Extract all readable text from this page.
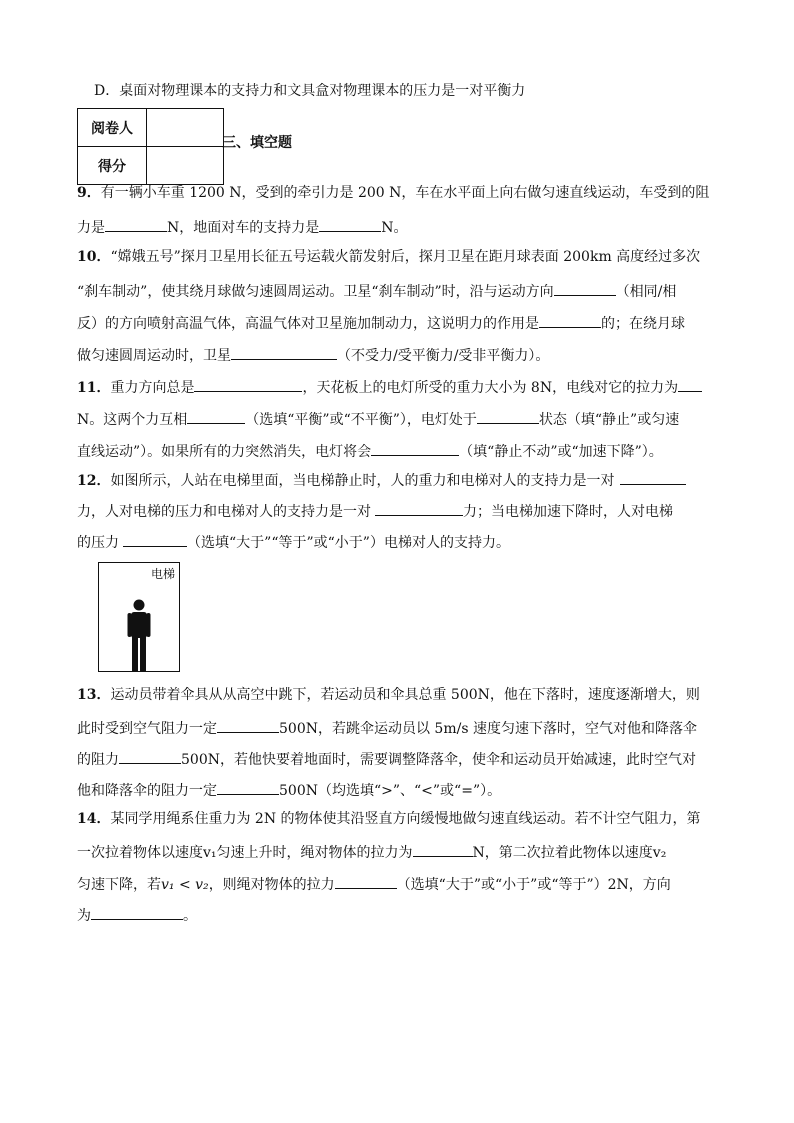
D．桌面对物理课本的支持力和文具盒对物理课本的压力是一对平衡力
阅卷人	
得分	
三、填空题
9．有一辆小车重 1200 N，受到的牵引力是 200 N，车在水平面上向右做匀速直线运动，车受到的阻
力是	N，地面对车的支持力是	N。
10．“嫦娥五号”探月卫星用长征五号运载火箭发射后，探月卫星在距月球表面 200km 高度经过多次
“刹车制动”，使其绕月球做匀速圆周运动。卫星“刹车制动”时，沿与运动方向	（相同/相
反）的方向喷射高温气体，高温气体对卫星施加制动力，这说明力的作用是	的；在绕月球
做匀速圆周运动时，卫星	（不受力/受平衡力/受非平衡力）。
11．重力方向总是	，天花板上的电灯所受的重力大小为 8N，电线对它的拉力为
N。这两个力互相	（选填“平衡”或“不平衡”），电灯处于	状态（填“静止”或匀速
直线运动”）。如果所有的力突然消失，电灯将会	（填“静止不动”或“加速下降”）。
12．如图所示，人站在电梯里面，当电梯静止时，人的重力和电梯对人的支持力是一对
力，人对电梯的压力和电梯对人的支持力是一对	力；当电梯加速下降时，人对电梯
的压力	（选填“大于”“等于”或“小于”）电梯对人的支持力。
电梯
13．运动员带着伞具从从高空中跳下，若运动员和伞具总重 500N，他在下落时，速度逐渐增大，则
此时受到空气阻力一定	500N，若跳伞运动员以 5m/s 速度匀速下落时，空气对他和降落伞
的阻力	500N，若他快要着地面时，需要调整降落伞，使伞和运动员开始减速，此时空气对
他和降落伞的阻力一定	500N（均选填“>”、“<”或“=”）。
14．某同学用绳系住重力为 2N 的物体使其沿竖直方向缓慢地做匀速直线运动。若不计空气阻力，第
一次拉着物体以速度v₁匀速上升时，绳对物体的拉力为	N，第二次拉着此物体以速度v₂
匀速下降，若v₁ < v₂，则绳对物体的拉力	（选填“大于”或“小于”或“等于”）2N，方向
为	。
